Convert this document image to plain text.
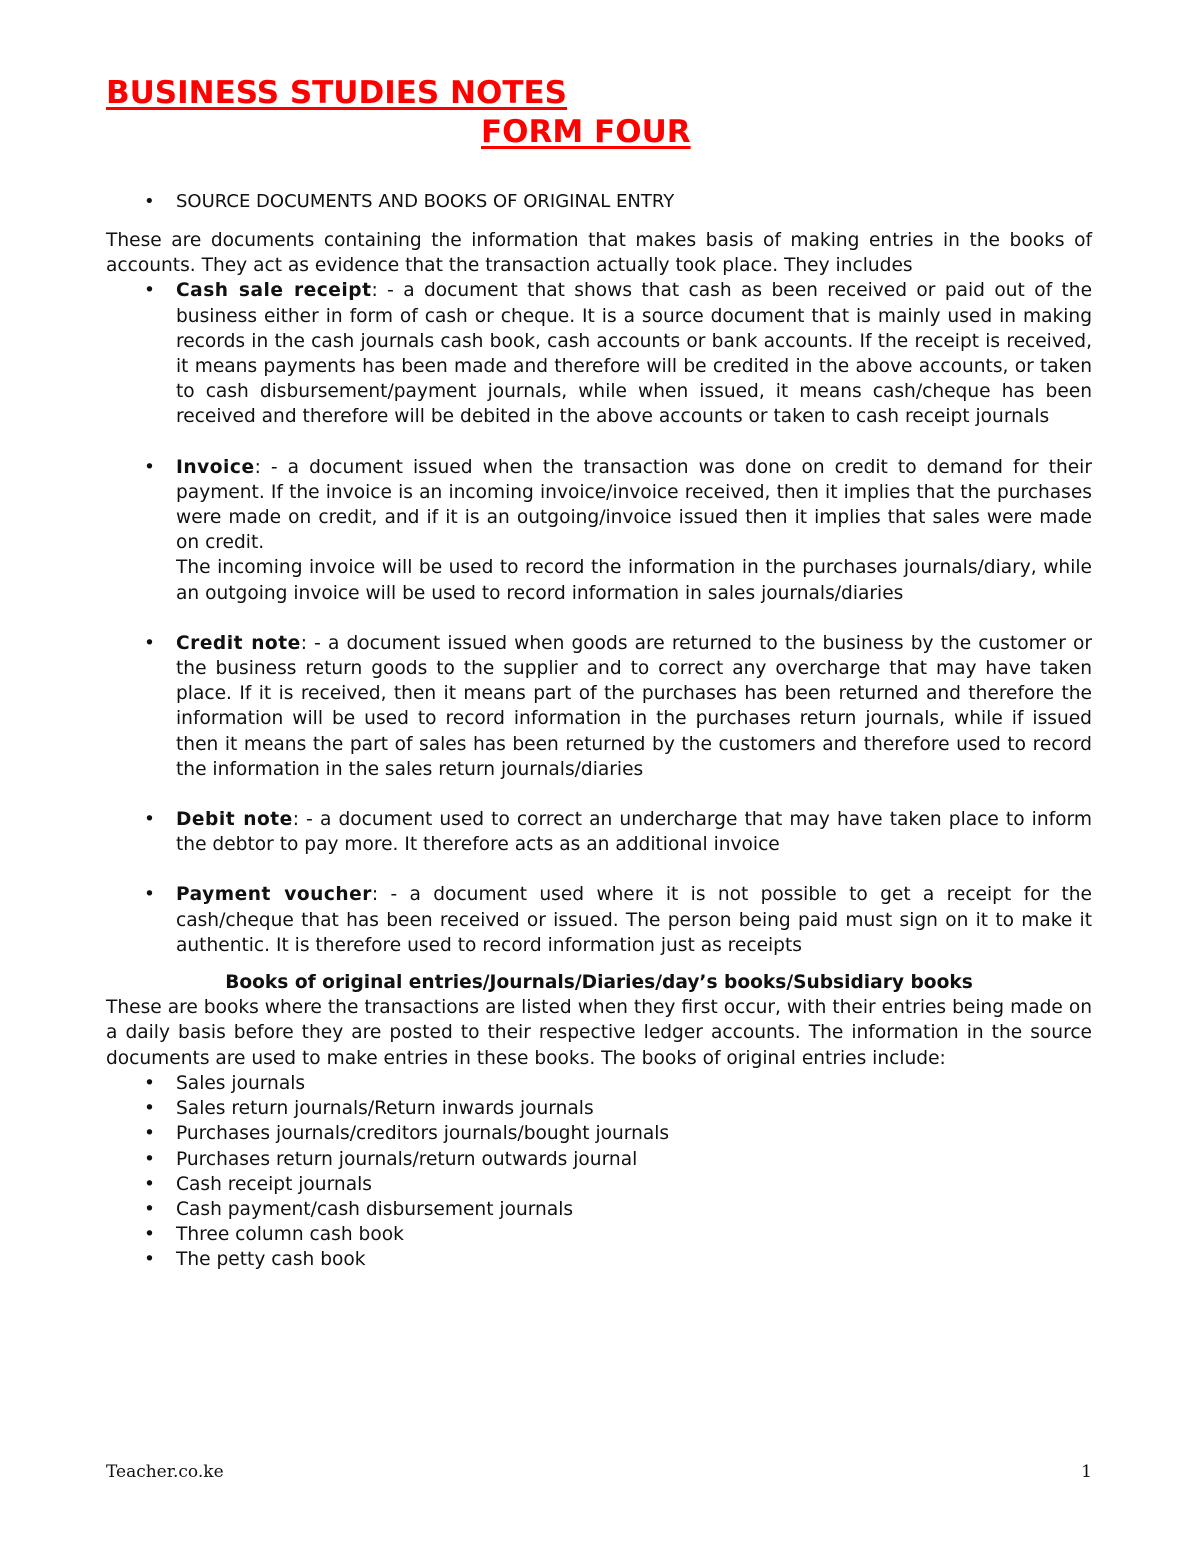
BUSINESS STUDIES NOTES
FORM FOUR
•	SOURCE DOCUMENTS AND BOOKS OF ORIGINAL ENTRY

These are documents containing the information that makes basis of making entries in the books of accounts. They act as evidence that the transaction actually took place. They includes

•	Cash sale receipt: - a document that shows that cash as been received or paid out of the business either in form of cash or cheque. It is a source document that is mainly used in making records in the cash journals cash book, cash accounts or bank accounts. If the receipt is received, it means payments has been made and therefore will be credited in the above accounts, or taken to cash disbursement/payment journals, while when issued, it means cash/cheque has been received and therefore will be debited in the above accounts or taken to cash receipt journals
•	Invoice: - a document issued when the transaction was done on credit to demand for their payment. If the invoice is an incoming invoice/invoice received, then it implies that the purchases were made on credit, and if it is an outgoing/invoice issued then it implies that sales were made on credit.
The incoming invoice will be used to record the information in the purchases journals/diary, while an outgoing invoice will be used to record information in sales journals/diaries
•	Credit note: - a document issued when goods are returned to the business by the customer or the business return goods to the supplier and to correct any overcharge that may have taken place. If it is received, then it means part of the purchases has been returned and therefore the information will be used to record information in the purchases return journals, while if issued then it means the part of sales has been returned by the customers and therefore used to record the information in the sales return journals/diaries
•	Debit note: - a document used to correct an undercharge that may have taken place to inform the debtor to pay more. It therefore acts as an additional invoice
•	Payment voucher: - a document used where it is not possible to get a receipt for the cash/cheque that has been received or issued. The person being paid must sign on it to make it authentic. It is therefore used to record information just as receipts

Books of original entries/Journals/Diaries/day’s books/Subsidiary books

These are books where the transactions are listed when they first occur, with their entries being made on a daily basis before they are posted to their respective ledger accounts. The information in the source documents are used to make entries in these books. The books of original entries include:

•	Sales journals
•	Sales return journals/Return inwards journals
•	Purchases journals/creditors journals/bought journals
•	Purchases return journals/return outwards journal
•	Cash receipt journals
•	Cash payment/cash disbursement journals
•	Three column cash book
•	The petty cash book
Teacher.co.ke	1
